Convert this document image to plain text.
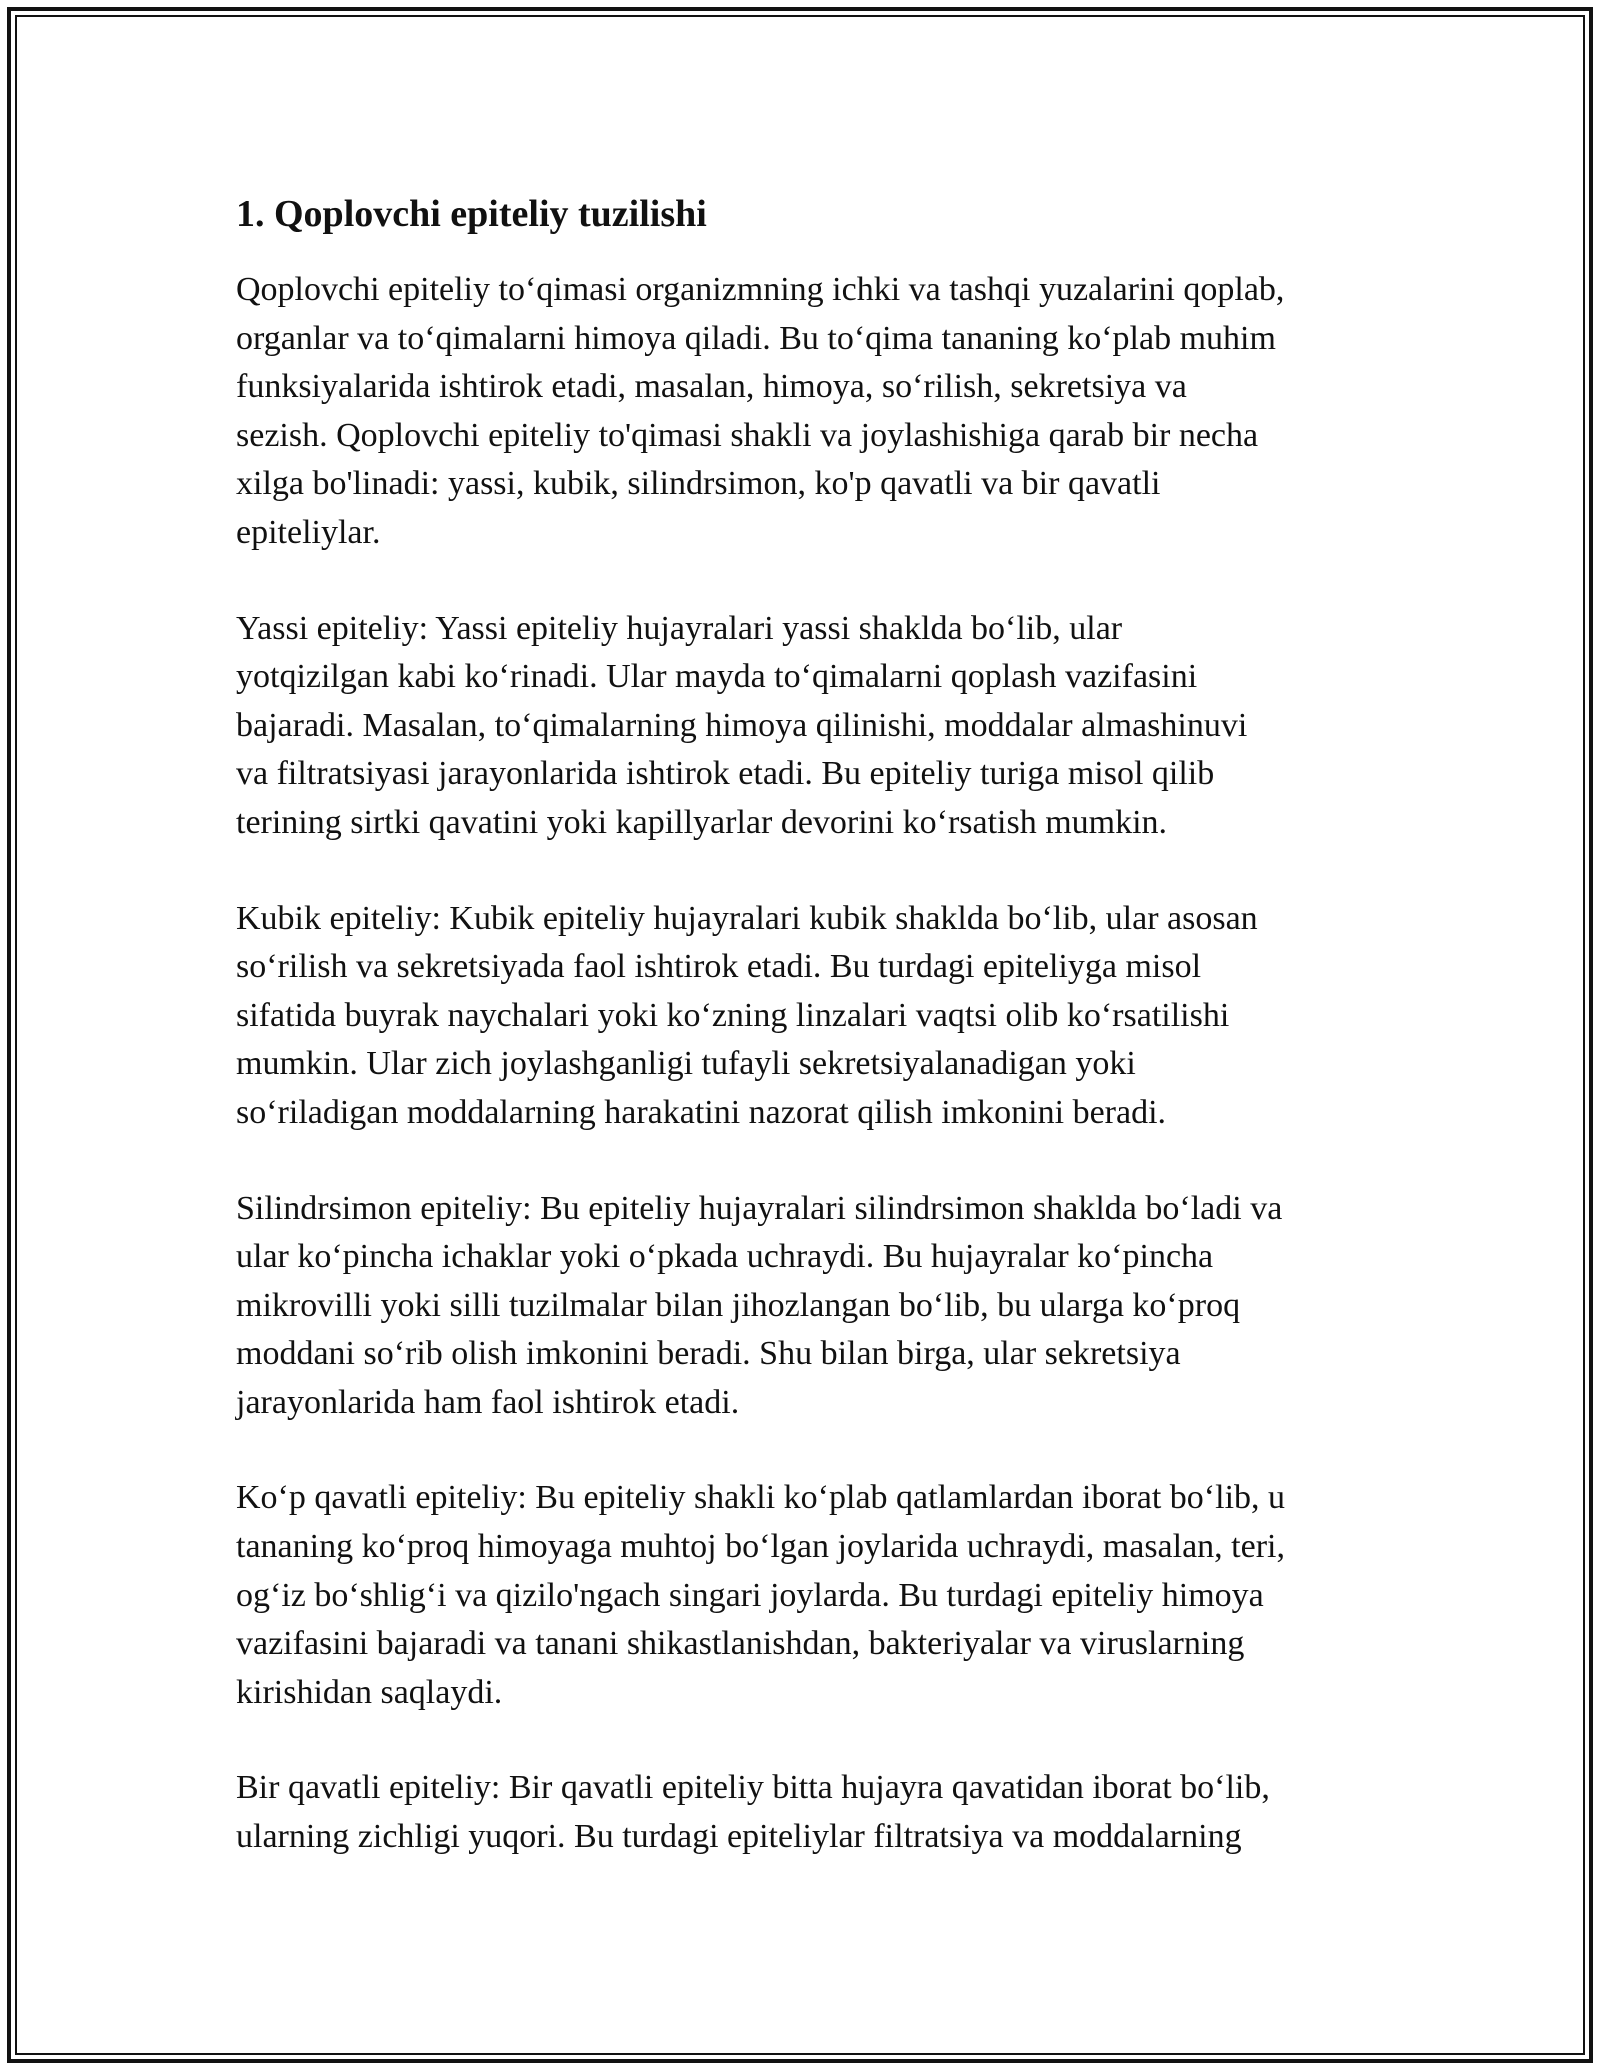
1. Qoplovchi epiteliy tuzilishi
Qoplovchi epiteliy to‘qimasi organizmning ichki va tashqi yuzalarini qoplab,
organlar va to‘qimalarni himoya qiladi. Bu to‘qima tananing ko‘plab muhim
funksiyalarida ishtirok etadi, masalan, himoya, so‘rilish, sekretsiya va
sezish. Qoplovchi epiteliy to'qimasi shakli va joylashishiga qarab bir necha
xilga bo'linadi: yassi, kubik, silindrsimon, ko'p qavatli va bir qavatli
epiteliylar.
Yassi epiteliy: Yassi epiteliy hujayralari yassi shaklda bo‘lib, ular
yotqizilgan kabi ko‘rinadi. Ular mayda to‘qimalarni qoplash vazifasini
bajaradi. Masalan, to‘qimalarning himoya qilinishi, moddalar almashinuvi
va filtratsiyasi jarayonlarida ishtirok etadi. Bu epiteliy turiga misol qilib
terining sirtki qavatini yoki kapillyarlar devorini ko‘rsatish mumkin.
Kubik epiteliy: Kubik epiteliy hujayralari kubik shaklda bo‘lib, ular asosan
so‘rilish va sekretsiyada faol ishtirok etadi. Bu turdagi epiteliyga misol
sifatida buyrak naychalari yoki ko‘zning linzalari vaqtsi olib ko‘rsatilishi
mumkin. Ular zich joylashganligi tufayli sekretsiyalanadigan yoki
so‘riladigan moddalarning harakatini nazorat qilish imkonini beradi.
Silindrsimon epiteliy: Bu epiteliy hujayralari silindrsimon shaklda bo‘ladi va
ular ko‘pincha ichaklar yoki o‘pkada uchraydi. Bu hujayralar ko‘pincha
mikrovilli yoki silli tuzilmalar bilan jihozlangan bo‘lib, bu ularga ko‘proq
moddani so‘rib olish imkonini beradi. Shu bilan birga, ular sekretsiya
jarayonlarida ham faol ishtirok etadi.
Ko‘p qavatli epiteliy: Bu epiteliy shakli ko‘plab qatlamlardan iborat bo‘lib, u
tananing ko‘proq himoyaga muhtoj bo‘lgan joylarida uchraydi, masalan, teri,
og‘iz bo‘shlig‘i va qizilo'ngach singari joylarda. Bu turdagi epiteliy himoya
vazifasini bajaradi va tanani shikastlanishdan, bakteriyalar va viruslarning
kirishidan saqlaydi.
Bir qavatli epiteliy: Bir qavatli epiteliy bitta hujayra qavatidan iborat bo‘lib,
ularning zichligi yuqori. Bu turdagi epiteliylar filtratsiya va moddalarning
